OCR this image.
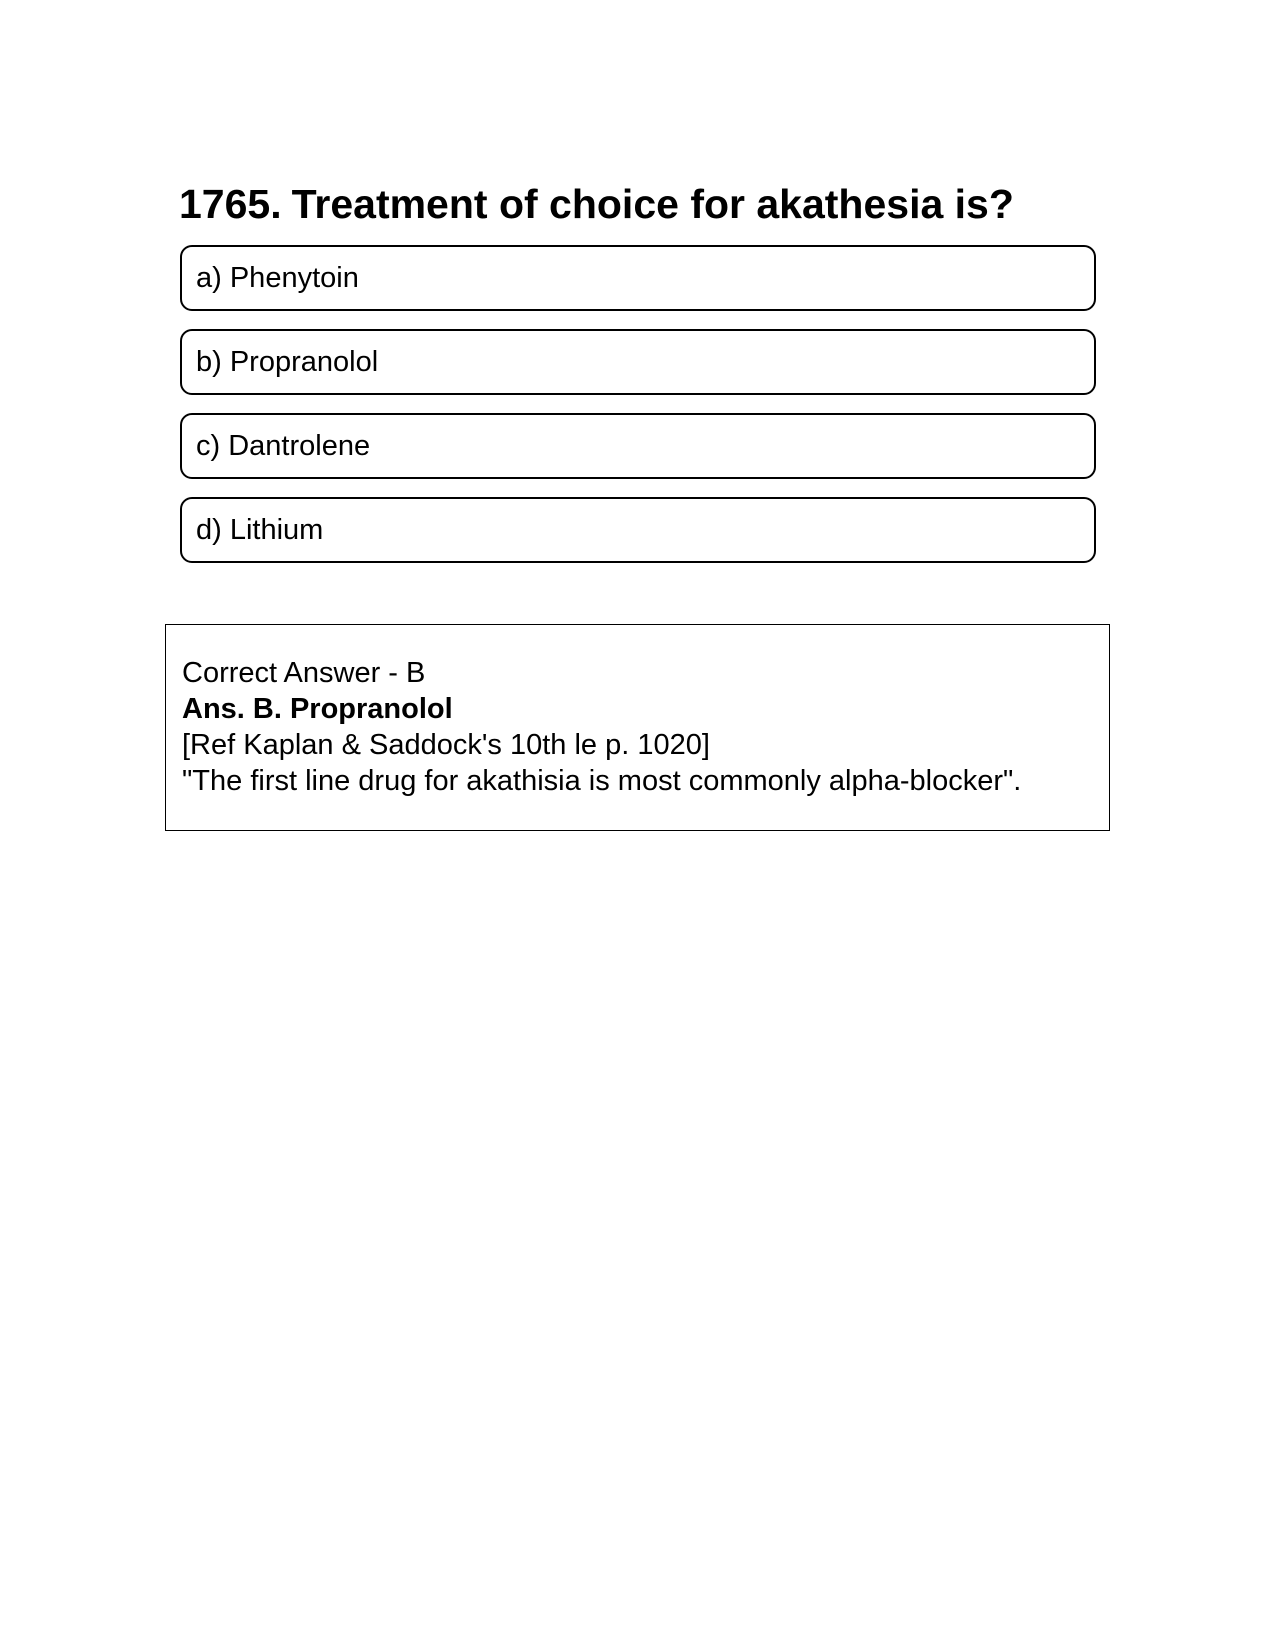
1765. Treatment of choice for akathesia is?
a) Phenytoin
b) Propranolol
c) Dantrolene
d) Lithium
Correct Answer - B
Ans. B. Propranolol
[Ref Kaplan & Saddock's 10th le p. 1020]
"The first line drug for akathisia is most commonly alpha-blocker".
